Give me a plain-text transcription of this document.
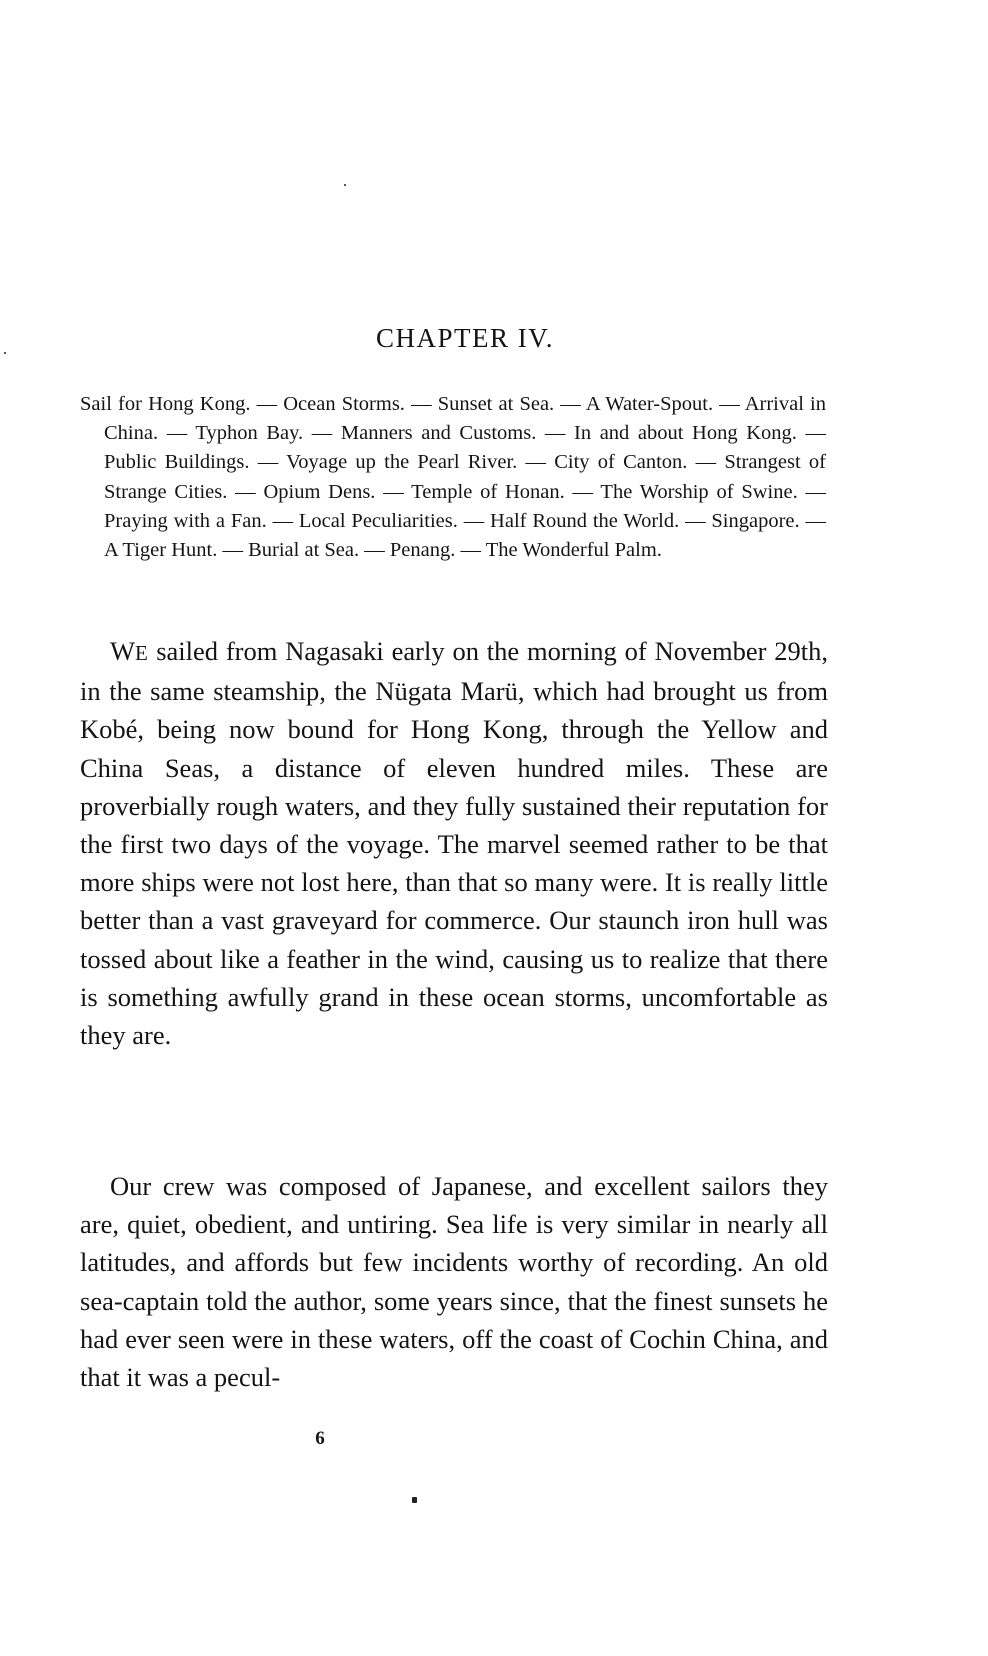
CHAPTER IV.
Sail for Hong Kong. — Ocean Storms. — Sunset at Sea. — A Water-Spout. — Arrival in China. — Typhon Bay. — Manners and Customs. — In and about Hong Kong. — Public Buildings. — Voyage up the Pearl River. — City of Canton. — Strangest of Strange Cities. — Opium Dens. — Temple of Honan. — The Worship of Swine. — Praying with a Fan. — Local Peculiarities. — Half Round the World. — Singapore. — A Tiger Hunt. — Burial at Sea. — Penang. — The Wonderful Palm.

WE sailed from Nagasaki early on the morning of November 29th, in the same steamship, the Nügata Marü, which had brought us from Kobé, being now bound for Hong Kong, through the Yellow and China Seas, a distance of eleven hundred miles. These are proverbially rough waters, and they fully sustained their reputation for the first two days of the voyage. The marvel seemed rather to be that more ships were not lost here, than that so many were. It is really little better than a vast graveyard for commerce. Our staunch iron hull was tossed about like a feather in the wind, causing us to realize that there is something awfully grand in these ocean storms, uncomfortable as they are.

Our crew was composed of Japanese, and excellent sailors they are, quiet, obedient, and untiring. Sea life is very similar in nearly all latitudes, and affords but few incidents worthy of recording. An old sea-captain told the author, some years since, that the finest sunsets he had ever seen were in these waters, off the coast of Cochin China, and that it was a pecul-

6
